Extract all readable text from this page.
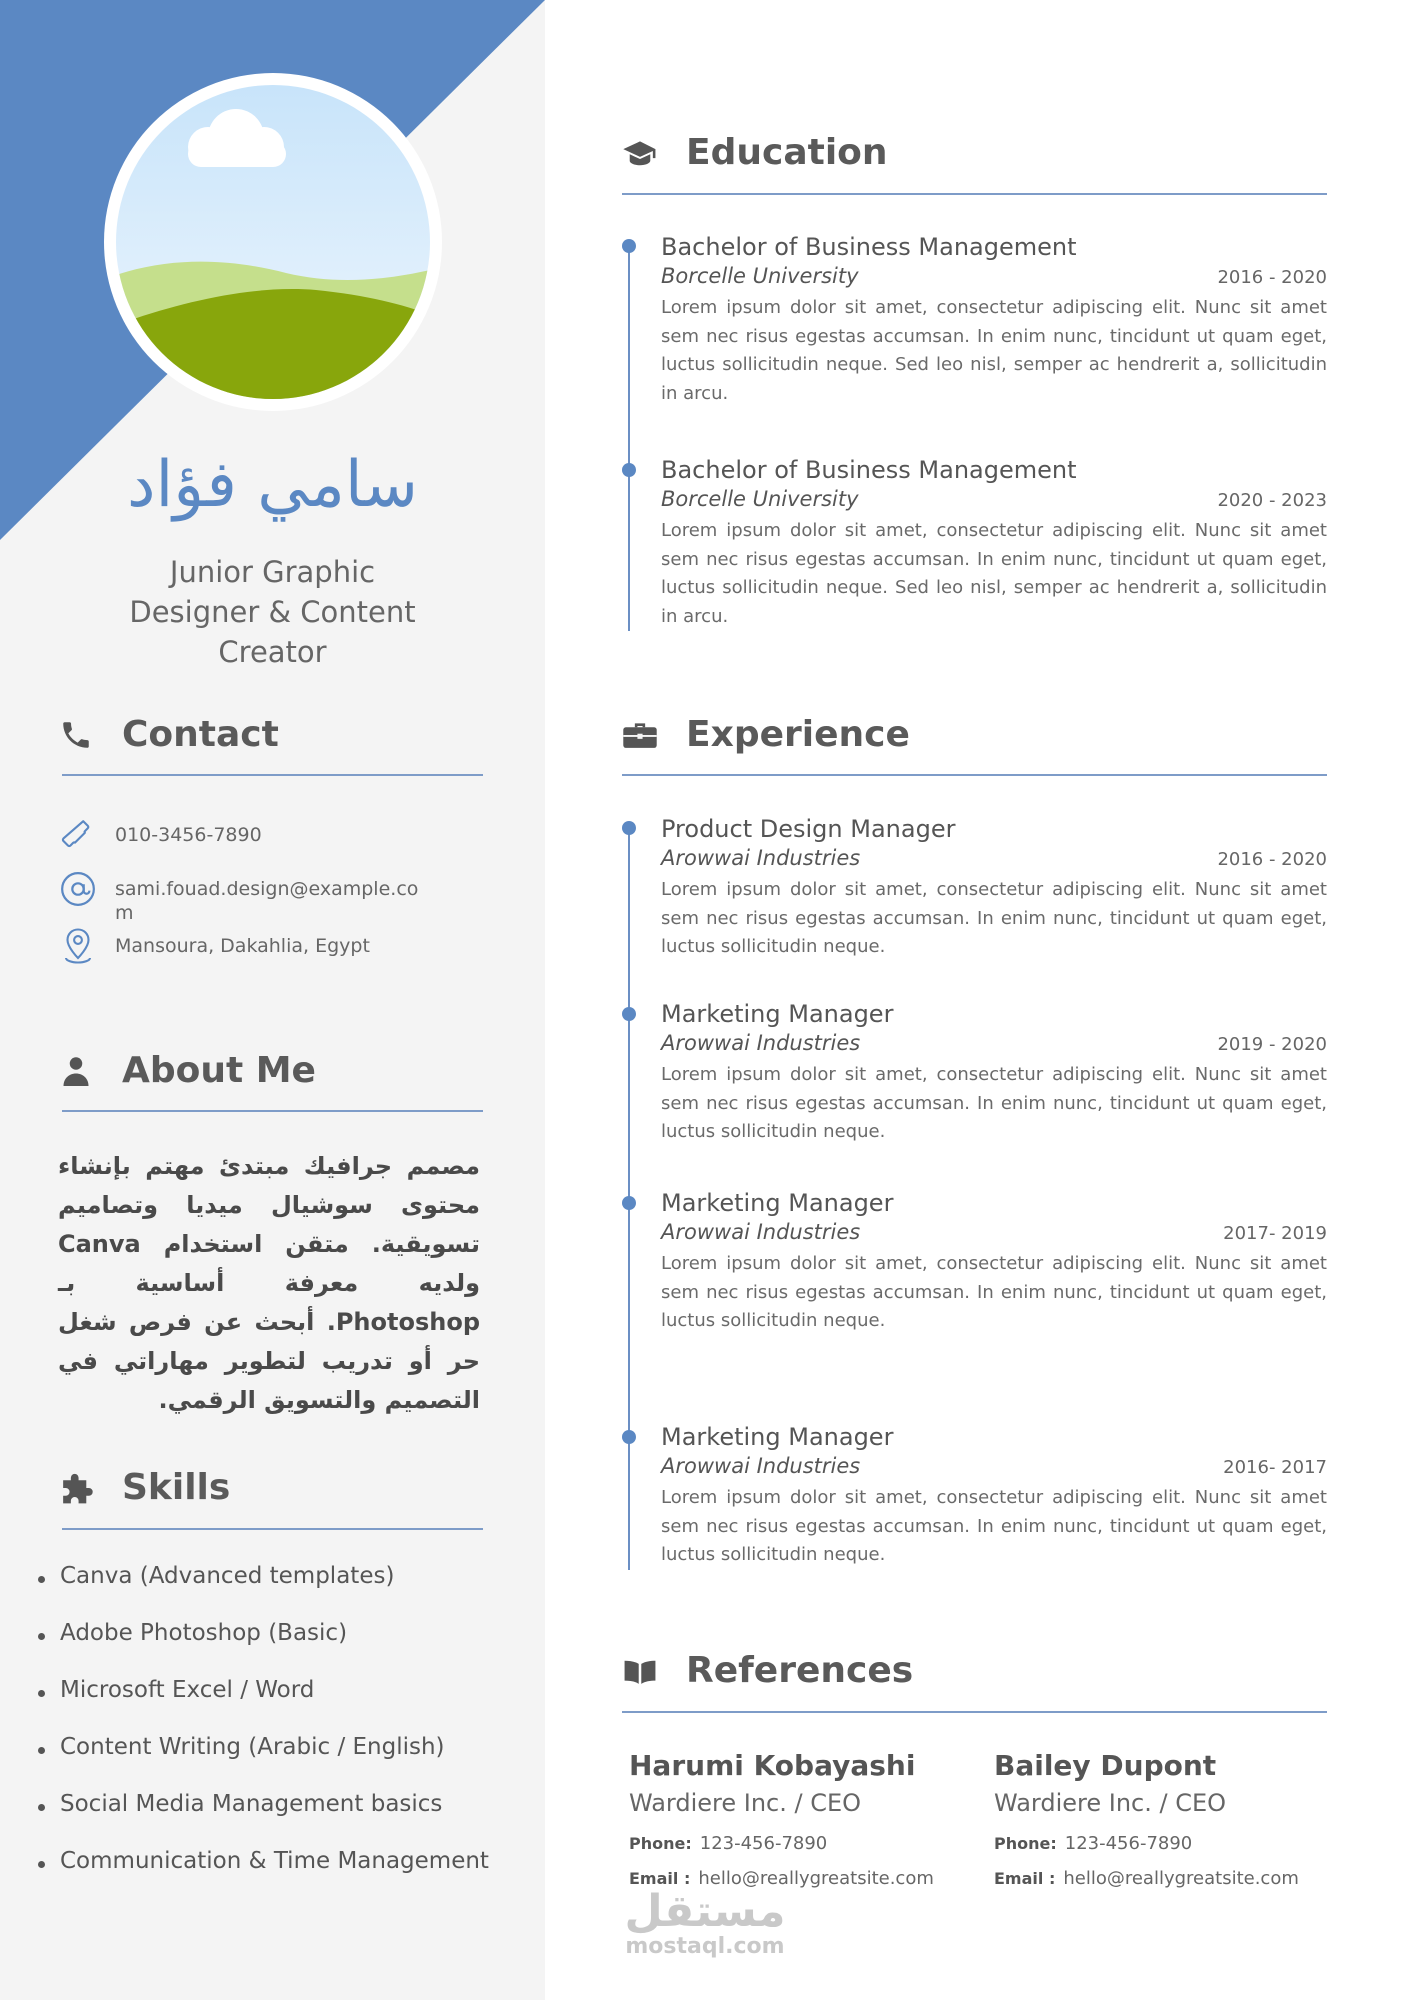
سامي فؤاد
Junior Graphic Designer & Content Creator
Contact
010-3456-7890
sami.fouad.design@example.com
Mansoura, Dakahlia, Egypt
About Me
مصمم جرافيك مبتدئ مهتم بإنشاء محتوى سوشيال ميديا وتصاميم تسويقية. متقن استخدام Canva ولديه معرفة أساسية بـ Photoshop. أبحث عن فرص شغل حر أو تدريب لتطوير مهاراتي في التصميم والتسويق الرقمي.
Skills
Canva (Advanced templates)
Adobe Photoshop (Basic)
Microsoft Excel / Word
Content Writing (Arabic / English)
Social Media Management basics
Communication & Time Management
Education
Bachelor of Business Management
Borcelle University	2016 - 2020
Lorem ipsum dolor sit amet, consectetur adipiscing elit. Nunc sit amet sem nec risus egestas accumsan. In enim nunc, tincidunt ut quam eget, luctus sollicitudin neque. Sed leo nisl, semper ac hendrerit a, sollicitudin in arcu.
Bachelor of Business Management
Borcelle University	2020 - 2023
Lorem ipsum dolor sit amet, consectetur adipiscing elit. Nunc sit amet sem nec risus egestas accumsan. In enim nunc, tincidunt ut quam eget, luctus sollicitudin neque. Sed leo nisl, semper ac hendrerit a, sollicitudin in arcu.
Experience
Product Design Manager
Arowwai Industries	2016 - 2020
Lorem ipsum dolor sit amet, consectetur adipiscing elit. Nunc sit amet sem nec risus egestas accumsan. In enim nunc, tincidunt ut quam eget, luctus sollicitudin neque.
Marketing Manager
Arowwai Industries	2019 - 2020
Lorem ipsum dolor sit amet, consectetur adipiscing elit. Nunc sit amet sem nec risus egestas accumsan. In enim nunc, tincidunt ut quam eget, luctus sollicitudin neque.
Marketing Manager
Arowwai Industries	2017- 2019
Lorem ipsum dolor sit amet, consectetur adipiscing elit. Nunc sit amet sem nec risus egestas accumsan. In enim nunc, tincidunt ut quam eget, luctus sollicitudin neque.
Marketing Manager
Arowwai Industries	2016- 2017
Lorem ipsum dolor sit amet, consectetur adipiscing elit. Nunc sit amet sem nec risus egestas accumsan. In enim nunc, tincidunt ut quam eget, luctus sollicitudin neque.
References
Harumi Kobayashi
Wardiere Inc. / CEO
Phone: 123-456-7890
Email : hello@reallygreatsite.com
Bailey Dupont
Wardiere Inc. / CEO
Phone: 123-456-7890
Email : hello@reallygreatsite.com
مستقل
mostaql.com
